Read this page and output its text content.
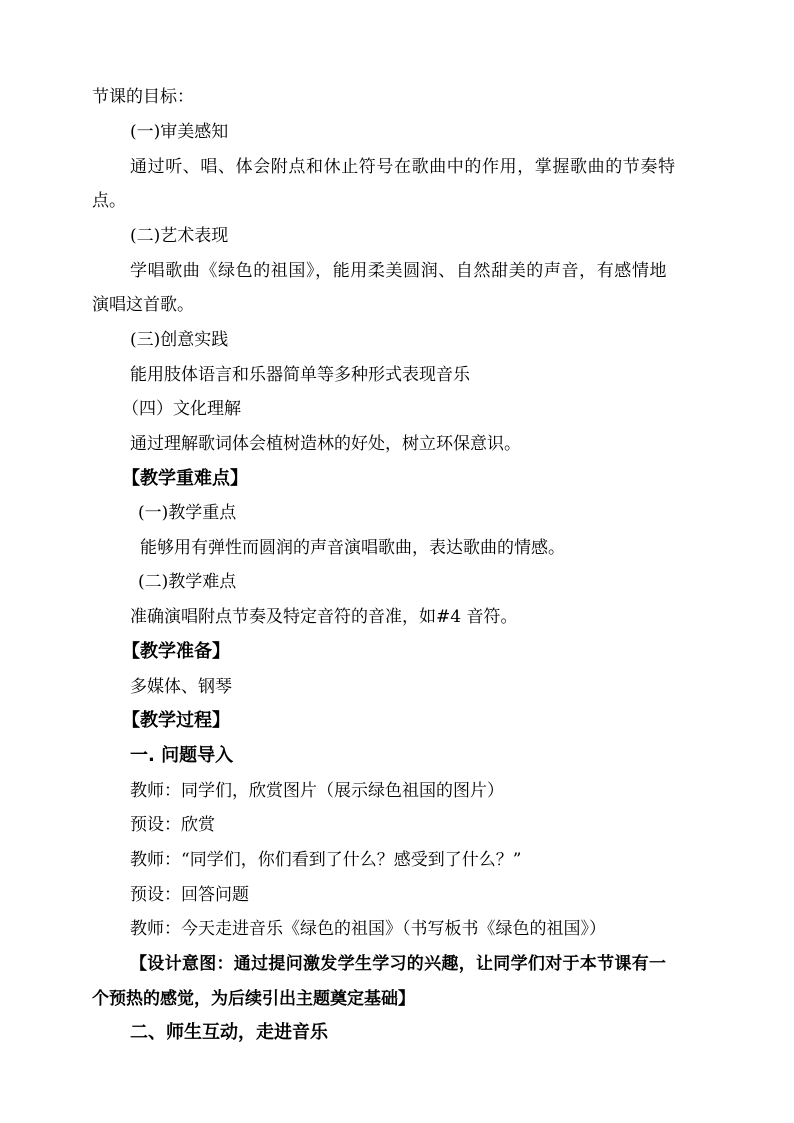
节课的目标：
(一)审美感知
通过听、唱、体会附点和休止符号在歌曲中的作用，掌握歌曲的节奏特
点。
(二)艺术表现
学唱歌曲《绿色的祖国》，能用柔美圆润、自然甜美的声音，有感情地
演唱这首歌。
(三)创意实践
能用肢体语言和乐器简单等多种形式表现音乐
（四）文化理解
通过理解歌词体会植树造林的好处，树立环保意识。
【教学重难点】
(一)教学重点
能够用有弹性而圆润的声音演唱歌曲，表达歌曲的情感。
(二)教学难点
准确演唱附点节奏及特定音符的音准，如#4 音符。
【教学准备】
多媒体、钢琴
【教学过程】
一. 问题导入
教师：同学们，欣赏图片（展示绿色祖国的图片）
预设：欣赏
教师：“同学们，你们看到了什么？感受到了什么？”
预设：回答问题
教师：今天走进音乐《绿色的祖国》（书写板书《绿色的祖国》）
【设计意图：通过提问激发学生学习的兴趣，让同学们对于本节课有一
个预热的感觉，为后续引出主题奠定基础】
二、师生互动，走进音乐
